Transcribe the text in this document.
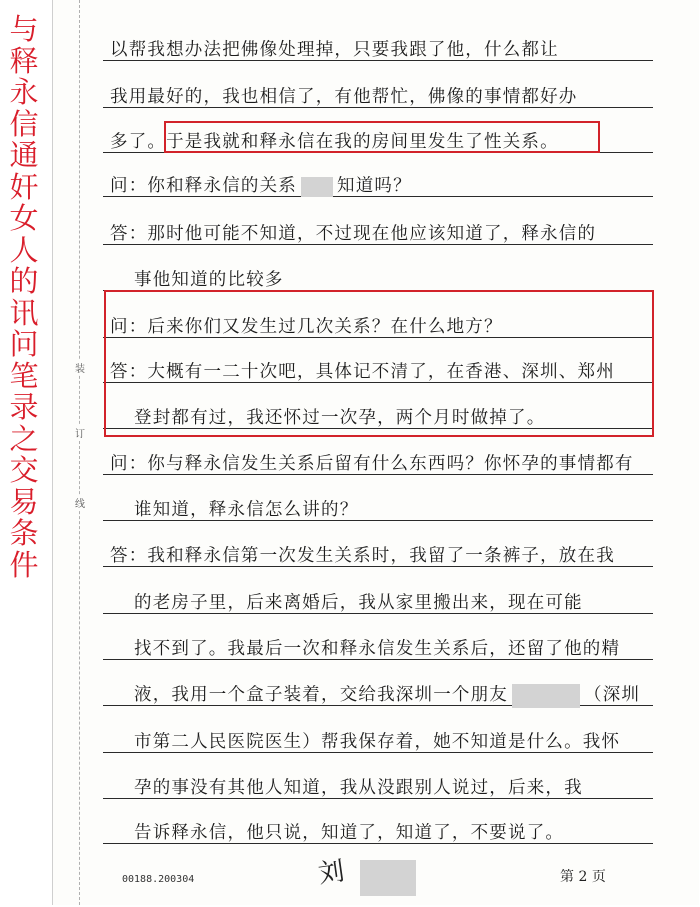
与
释
永
信
通
奸
女
人
的
讯
问
笔
录
之
交
易
条
件
装
订
线
以帮我想办法把佛像处理掉，只要我跟了他，什么都让
我用最好的，我也相信了，有他帮忙，佛像的事情都好办
多了。于是我就和释永信在我的房间里发生了性关系。
问：你和释永信的关系 知道吗？
答：那时他可能不知道，不过现在他应该知道了，释永信的
事他知道的比较多
问：后来你们又发生过几次关系？在什么地方？
答：大概有一二十次吧，具体记不清了，在香港、深圳、郑州
登封都有过，我还怀过一次孕，两个月时做掉了。
问：你与释永信发生关系后留有什么东西吗？你怀孕的事情都有
谁知道，释永信怎么讲的？
答：我和释永信第一次发生关系时，我留了一条裤子，放在我
的老房子里，后来离婚后，我从家里搬出来，现在可能
找不到了。我最后一次和释永信发生关系后，还留了他的精
液，我用一个盒子装着，交给我深圳一个朋友	（深圳
市第二人民医院医生）帮我保存着，她不知道是什么。我怀
孕的事没有其他人知道，我从没跟别人说过，后来，我
告诉释永信，他只说，知道了，知道了，不要说了。
刘
00188.200304	第 2 页
